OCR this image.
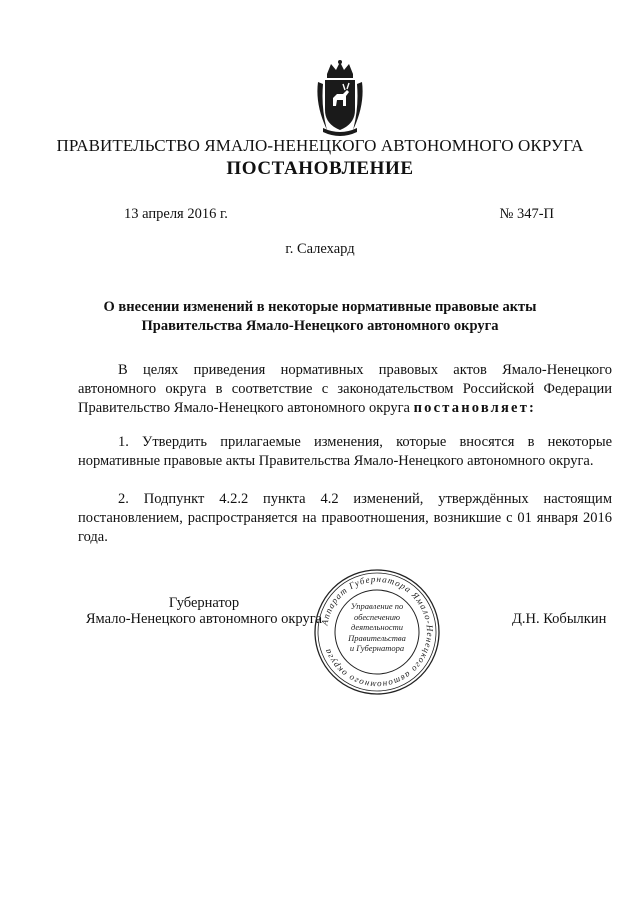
ПРАВИТЕЛЬСТВО ЯМАЛО-НЕНЕЦКОГО АВТОНОМНОГО ОКРУГА
ПОСТАНОВЛЕНИЕ
13 апреля 2016 г.	№ 347-П
г. Салехард
О внесении изменений в некоторые нормативные правовые акты
Правительства Ямало-Ненецкого автономного округа

В целях приведения нормативных правовых актов Ямало-Ненецкого автономного округа в соответствие с законодательством Российской Федерации Правительство Ямало-Ненецкого автономного округа постановляет:

1. Утвердить прилагаемые изменения, которые вносятся в некоторые нормативные правовые акты Правительства Ямало-Ненецкого автономного округа.

2. Подпункт 4.2.2 пункта 4.2 изменений, утверждённых настоящим постановлением, распространяется на правоотношения, возникшие с 01 января 2016 года.

Губернатор
Ямало-Ненецкого автономного округа	Д.Н. Кобылкин
Аппарат Губернатора Ямало-Ненецкого автономного округа
Управление по
обеспечению
деятельности
Правительства
и Губернатора
